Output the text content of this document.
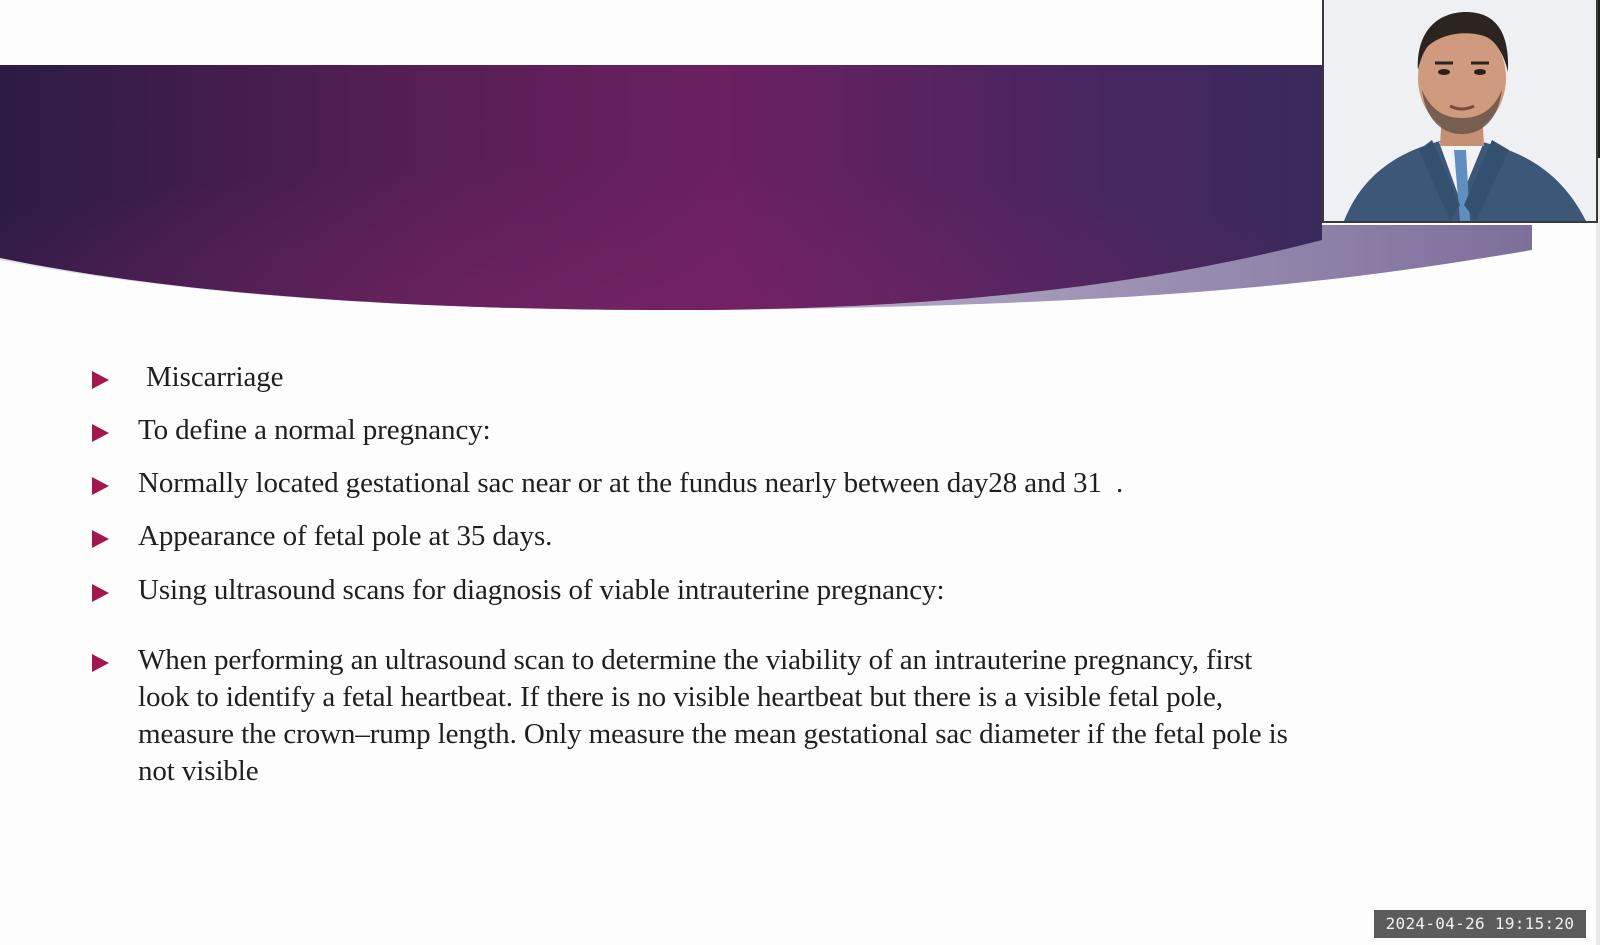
Miscarriage
To define a normal pregnancy:
Normally located gestational sac near or at the fundus nearly between day28 and 31  .
Appearance of fetal pole at 35 days.
Using ultrasound scans for diagnosis of viable intrauterine pregnancy:
When performing an ultrasound scan to determine the viability of an intrauterine pregnancy, first look to identify a fetal heartbeat. If there is no visible heartbeat but there is a visible fetal pole, measure the crown–rump length. Only measure the mean gestational sac diameter if the fetal pole is not visible
2024-04-26 19:15:20
